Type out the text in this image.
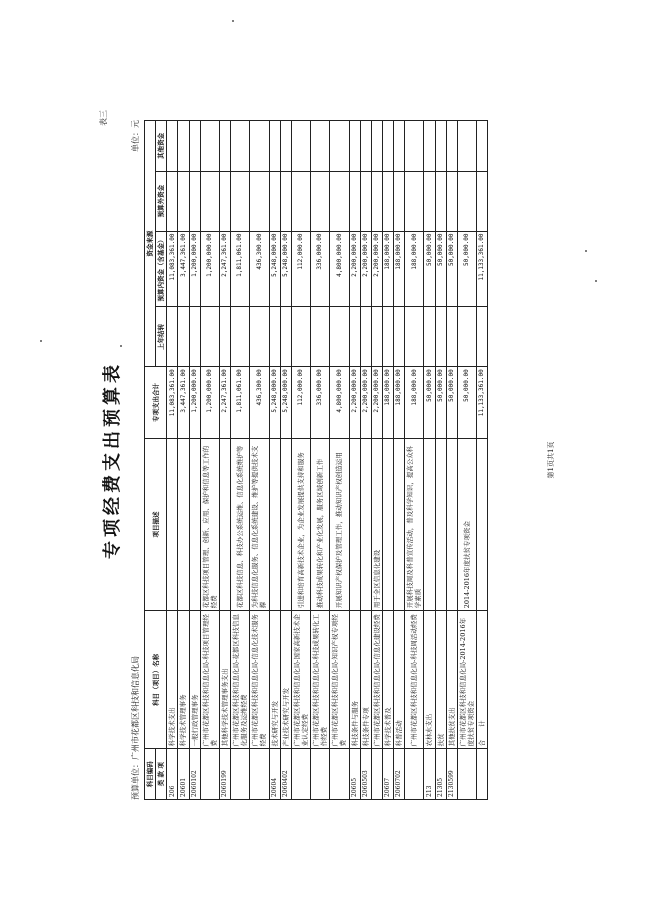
表三
专项经费支出预算表
预算单位：广州市花都区科技和信息化局
单位：元
科目编码	科目（项目）名称	项目描述	专项支出合计	资金来源			
类 款 项				上年结转	预算内资金（含基金）	预算外资金	其他资金
206	科学技术支出		11,083,361.00		11,083,361.00		
20601	科学技术管理事务		3,447,361.00		3,447,361.00		
2060102	一般行政管理事务		1,200,000.00		1,200,000.00		
	广州市花都区科技和信息化局-科技项目管理经费	花都区科技项目管理、创新、应用、保护和信息等工作的经费	1,200,000.00		1,200,000.00		
2060199	其他科学技术管理事务支出		2,247,361.00		2,247,361.00		
	广州市花都区科技和信息化局-花都区科技信息化服务及运维经费	花都区科技信息、科技办公系统运维、信息化系统维护等	1,811,061.00		1,811,061.00		
	广州市花都区科技和信息化局-信息化技术服务经费	为科技信息化服务、信息化系统建设、维护等提供技术支撑	436,300.00		436,300.00		
20604	技术研究与开发		5,248,000.00		5,248,000.00		
2060402	产业技术研究与开发		5,248,000.00		5,248,000.00		
	广州市花都区科技和信息化局-国家高新技术企业认定经费	引进和培育高新技术企业，为企业发展提供支持和服务	112,000.00		112,000.00		
	广州市花都区科技和信息化局-科技成果转化工作经费	推动科技成果转化和产业化发展，服务区域创新工作	336,000.00		336,000.00		
	广州市花都区科技和信息化局-知识产权专项经费	开展知识产权保护及管理工作，推动知识产权创造运用	4,800,000.00		4,800,000.00		
20605	科技条件与服务		2,200,000.00		2,200,000.00		
2060503	科技条件专项		2,200,000.00		2,200,000.00		
	广州市花都区科技和信息化局-信息化建设经费	用于全区信息化建设	2,200,000.00		2,200,000.00		
20607	科学技术普及		188,000.00		188,000.00		
2060702	科普活动		188,000.00		188,000.00		
	广州市花都区科技和信息化局-科技周活动经费	开展科技周及科普宣传活动，普及科学知识，提高公众科学素质	188,000.00		188,000.00		
213	农林水支出		50,000.00		50,000.00		
21305	扶贫		50,000.00		50,000.00		
2130599	其他扶贫支出		50,000.00		50,000.00		
	广州市花都区科技和信息化局-2014-2016年度扶贫专项资金	2014-2016年度扶贫专项资金	50,000.00		50,000.00		
	合　　计		11,133,361.00		11,133,361.00		
第1页共1页
